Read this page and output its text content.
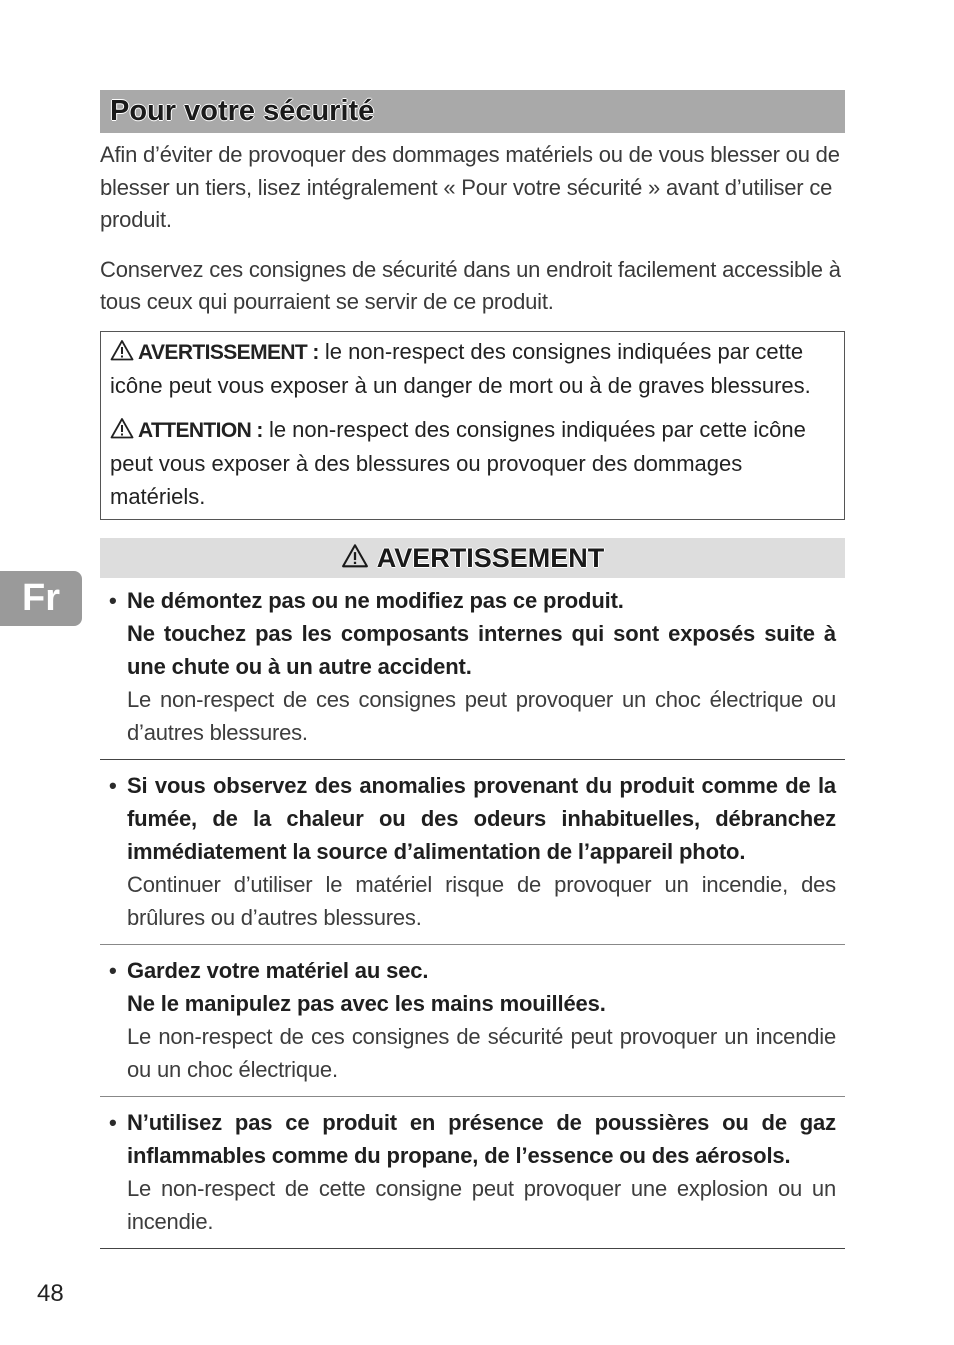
Fr
Pour votre sécurité

Afin d’éviter de provoquer des dommages matériels ou de vous blesser ou de blesser un tiers, lisez intégralement « Pour votre sécurité » avant d’utiliser ce produit.

Conservez ces consignes de sécurité dans un endroit facilement accessible à tous ceux qui pourraient se servir de ce produit.

AVERTISSEMENT : le non-respect des consignes indiquées par cette icône peut vous exposer à un danger de mort ou à de graves blessures.

ATTENTION : le non-respect des consignes indiquées par cette icône peut vous exposer à des blessures ou provoquer des dommages matériels.

AVERTISSEMENT
• Ne démontez pas ou ne modifiez pas ce produit.

Ne touchez pas les composants internes qui sont exposés suite à une chute ou à un autre accident.

Le non-respect de ces consignes peut provoquer un choc électrique ou d’autres blessures.

• Si vous observez des anomalies provenant du produit comme de la fumée, de la chaleur ou des odeurs inhabituelles, débranchez immédiatement la source d’alimentation de l’appareil photo.

Continuer d’utiliser le matériel risque de provoquer un incendie, des brûlures ou d’autres blessures.

• Gardez votre matériel au sec.

Ne le manipulez pas avec les mains mouillées.

Le non-respect de ces consignes de sécurité peut provoquer un incendie ou un choc électrique.

• N’utilisez pas ce produit en présence de poussières ou de gaz inflammables comme du propane, de l’essence ou des aérosols.

Le non-respect de cette consigne peut provoquer une explosion ou un incendie.

48
